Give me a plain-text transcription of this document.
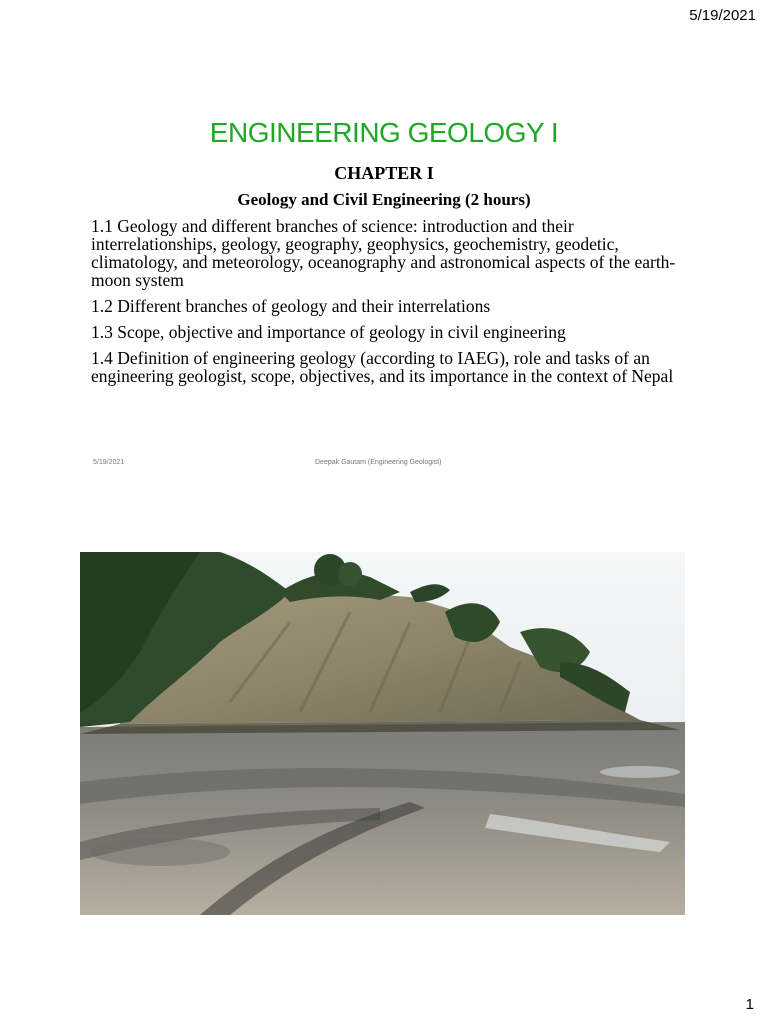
5/19/2021
ENGINEERING GEOLOGY I
CHAPTER I
Geology and Civil Engineering (2 hours)
1.1 Geology and different branches of science: introduction and their interrelationships, geology, geography, geophysics, geochemistry, geodetic, climatology, and meteorology, oceanography and astronomical aspects of the earth- moon system
1.2 Different branches of geology and their interrelations
1.3 Scope, objective and importance of geology in civil engineering
1.4 Definition of engineering geology (according to IAEG), role and tasks of an engineering geologist, scope, objectives, and its importance in the context of Nepal
5/19/2021	Deepak Gautam (Engineering Geologist)
1
